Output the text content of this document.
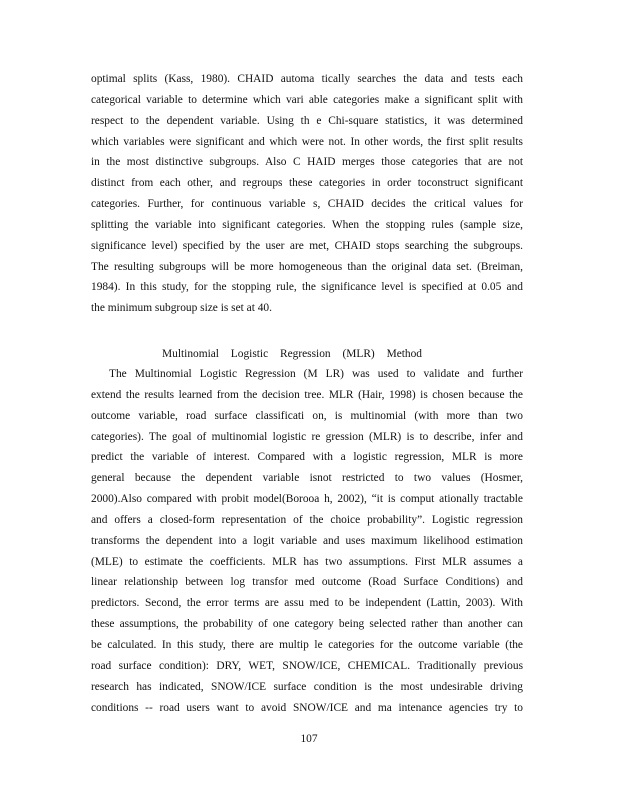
optimal splits (Kass, 1980). CHAID automa tically searches the data and tests each
categorical variable to determine which vari able categories make a significant split with
respect to the dependent variable. Using th e Chi-square statistics, it was determined
which variables were significant and which were not. In other words, the first split results
in the most distinctive subgroups. Also C HAID merges those categories that are not
distinct from each other, and regroups these categories in order toconstruct significant
categories. Further, for continuous variable s, CHAID decides the critical values for
splitting the variable into significant categories. When the stopping rules (sample size,
significance level) specified by the user are met, CHAID stops searching the subgroups.
The resulting subgroups will be more homogeneous than the original data set. (Breiman,
1984). In this study, for the stopping rule, the significance level is specified at 0.05 and
the minimum subgroup size is set at 40.
Multinomial Logistic Regression (MLR) Method
The Multinomial Logistic Regression (M LR) was used to validate and further
extend the results learned from the decision tree. MLR (Hair, 1998) is chosen because the
outcome variable, road surface classificati on, is multinomial (with more than two
categories). The goal of multinomial logistic re gression (MLR) is to describe, infer and
predict the variable of interest. Compared with a logistic regression, MLR is more
general because the dependent variable isnot restricted to two values (Hosmer,
2000).Also compared with probit model(Borooa h, 2002), “it is comput ationally tractable
and offers a closed-form representation of the choice probability”. Logistic regression
transforms the dependent into a logit variable and uses maximum likelihood estimation
(MLE) to estimate the coefficients. MLR has two assumptions. First MLR assumes a
linear relationship between log transfor med outcome (Road Surface Conditions) and
predictors. Second, the error terms are assu med to be independent (Lattin, 2003). With
these assumptions, the probability of one category being selected rather than another can
be calculated. In this study, there are multip le categories for the outcome variable (the
road surface condition): DRY, WET, SNOW/ICE, CHEMICAL. Traditionally previous
research has indicated, SNOW/ICE surface condition is the most undesirable driving
conditions -- road users want to avoid SNOW/ICE and ma intenance agencies try to
107
